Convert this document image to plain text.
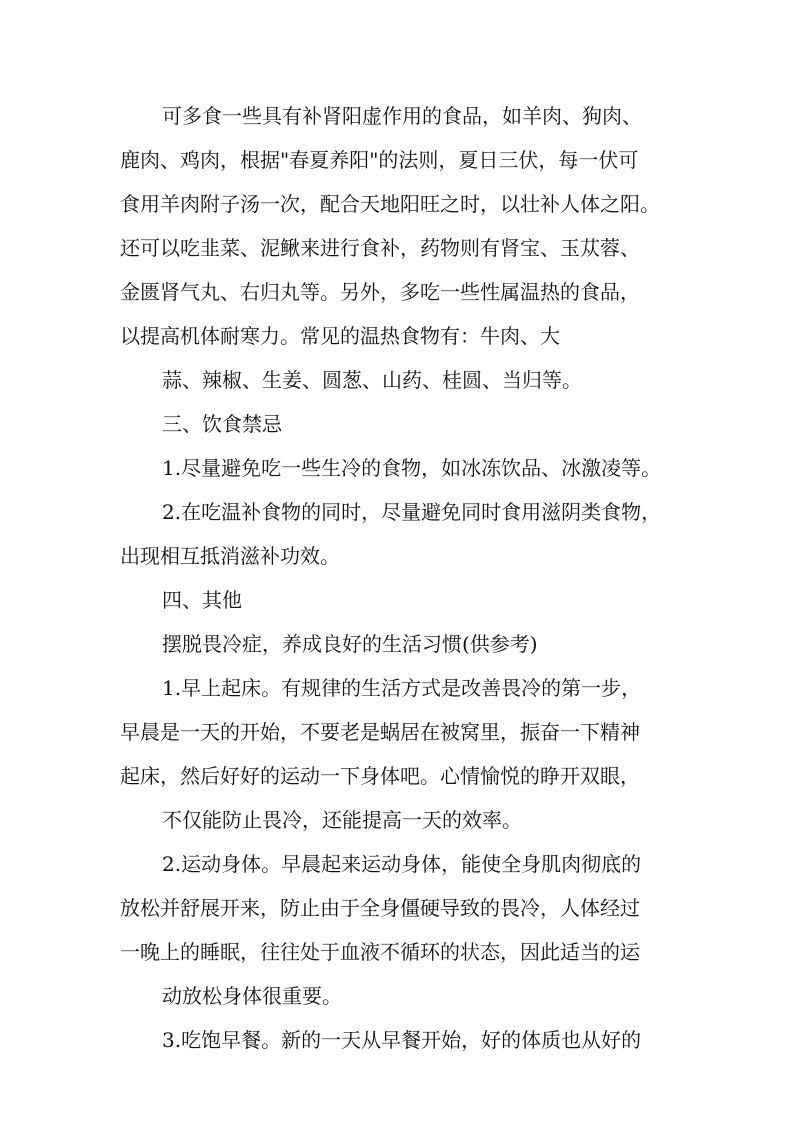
可多食一些具有补肾阳虚作用的食品，如羊肉、狗肉、
鹿肉、鸡肉，根据"春夏养阳"的法则，夏日三伏，每一伏可
食用羊肉附子汤一次，配合天地阳旺之时，以壮补人体之阳。
还可以吃韭菜、泥鳅来进行食补，药物则有肾宝、玉苁蓉、
金匮肾气丸、右归丸等。另外，多吃一些性属温热的食品，
以提高机体耐寒力。常见的温热食物有：牛肉、大
蒜、辣椒、生姜、圆葱、山药、桂圆、当归等。
三、饮食禁忌
1.尽量避免吃一些生冷的食物，如冰冻饮品、冰激凌等。
2.在吃温补食物的同时，尽量避免同时食用滋阴类食物，
出现相互抵消滋补功效。
四、其他
摆脱畏冷症，养成良好的生活习惯(供参考)
1.早上起床。有规律的生活方式是改善畏冷的第一步，
早晨是一天的开始，不要老是蜗居在被窝里，振奋一下精神
起床，然后好好的运动一下身体吧。心情愉悦的睁开双眼，
不仅能防止畏冷，还能提高一天的效率。
2.运动身体。早晨起来运动身体，能使全身肌肉彻底的
放松并舒展开来，防止由于全身僵硬导致的畏冷，人体经过
一晚上的睡眠，往往处于血液不循环的状态，因此适当的运
动放松身体很重要。
3.吃饱早餐。新的一天从早餐开始，好的体质也从好的
